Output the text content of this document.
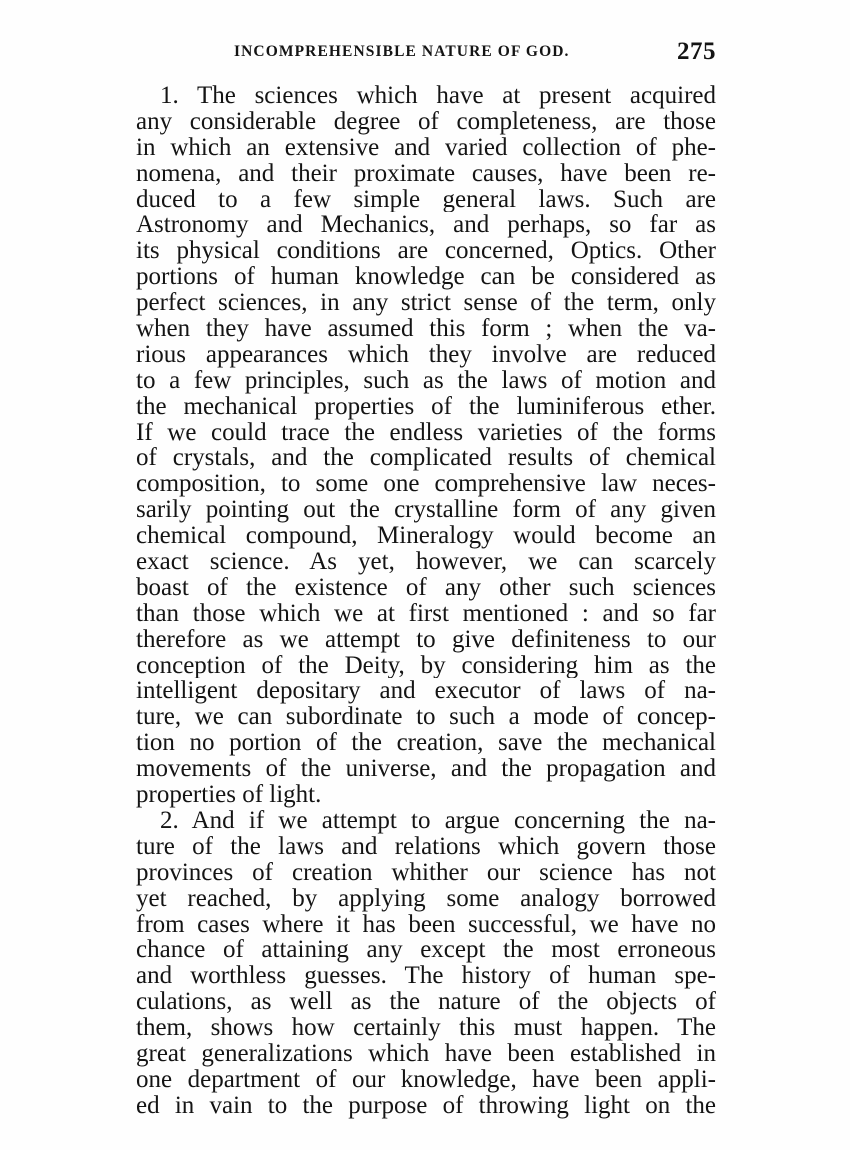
INCOMPREHENSIBLE NATURE OF GOD.	275
1. The sciences which have at present acquired
any considerable degree of completeness, are those
in which an extensive and varied collection of phe-
nomena, and their proximate causes, have been re-
duced to a few simple general laws. Such are
Astronomy and Mechanics, and perhaps, so far as
its physical conditions are concerned, Optics. Other
portions of human knowledge can be considered as
perfect sciences, in any strict sense of the term, only
when they have assumed this form ; when the va-
rious appearances which they involve are reduced
to a few principles, such as the laws of motion and
the mechanical properties of the luminiferous ether.
If we could trace the endless varieties of the forms
of crystals, and the complicated results of chemical
composition, to some one comprehensive law neces-
sarily pointing out the crystalline form of any given
chemical compound, Mineralogy would become an
exact science. As yet, however, we can scarcely
boast of the existence of any other such sciences
than those which we at first mentioned : and so far
therefore as we attempt to give definiteness to our
conception of the Deity, by considering him as the
intelligent depositary and executor of laws of na-
ture, we can subordinate to such a mode of concep-
tion no portion of the creation, save the mechanical
movements of the universe, and the propagation and
properties of light.
2. And if we attempt to argue concerning the na-
ture of the laws and relations which govern those
provinces of creation whither our science has not
yet reached, by applying some analogy borrowed
from cases where it has been successful, we have no
chance of attaining any except the most erroneous
and worthless guesses. The history of human spe-
culations, as well as the nature of the objects of
them, shows how certainly this must happen. The
great generalizations which have been established in
one department of our knowledge, have been appli-
ed in vain to the purpose of throwing light on the
